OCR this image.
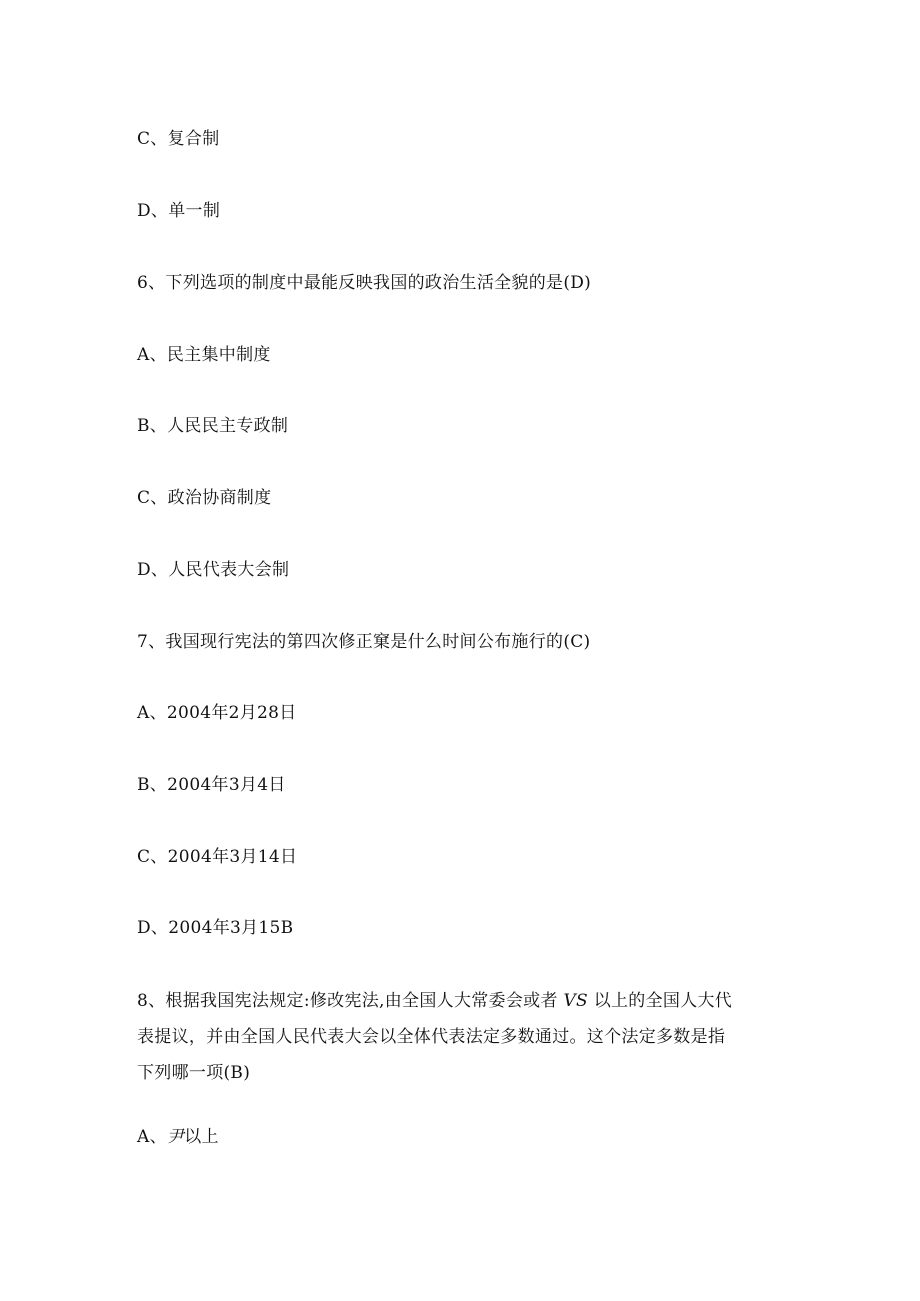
C、复合制
D、单一制
6、下列选项的制度中最能反映我国的政治生活全貌的是(D)
A、民主集中制度
B、人民民主专政制
C、政治协商制度
D、人民代表大会制
7、我国现行宪法的第四次修正窠是什么时间公布施行的(C)
A、2004年2月28日
B、2004年3月4日
C、2004年3月14日
D、2004年3月15B
8、根据我国宪法规定:修改宪法,由全国人大常委会或者 VS 以上的全国人大代
表提议，并由全国人民代表大会以全体代表法定多数通过。这个法定多数是指
下列哪一项(B)
A、尹以上
